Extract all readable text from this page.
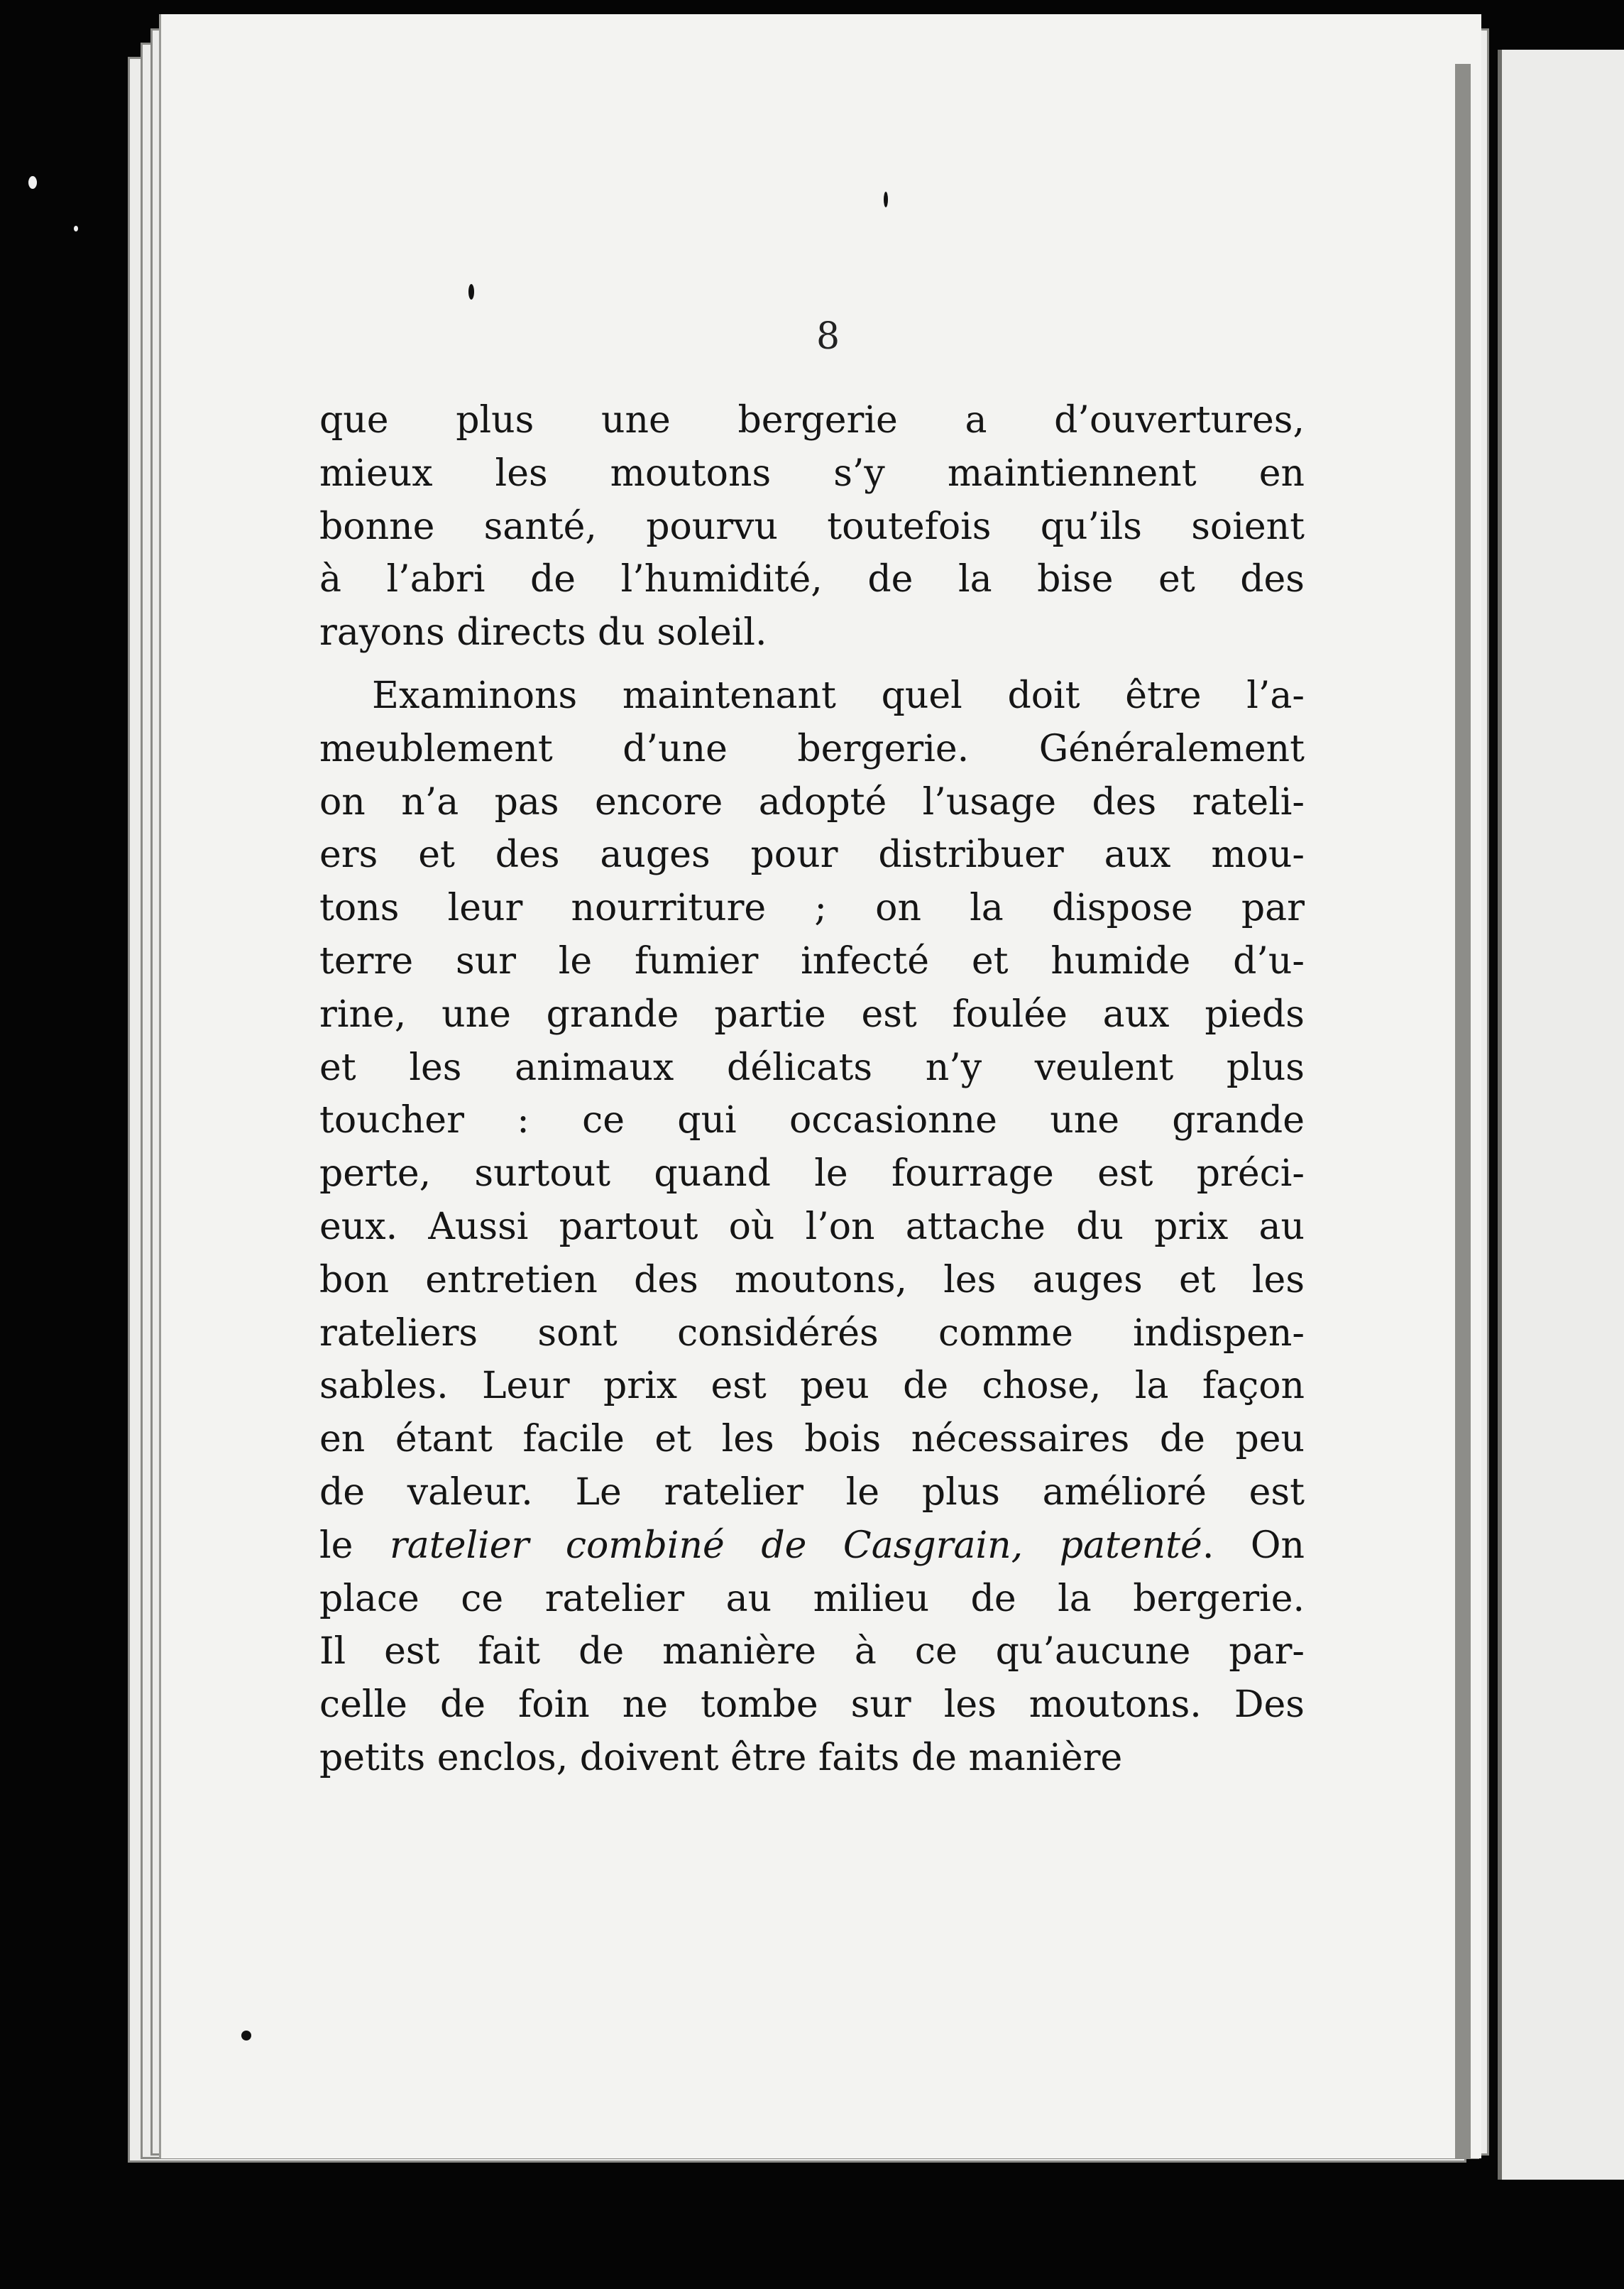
8

que plus une bergerie a d’ouvertures,
mieux les moutons s’y maintiennent en
bonne santé, pourvu toutefois qu’ils soient
à l’abri de l’humidité, de la bise et des
rayons directs du soleil.

Examinons maintenant quel doit être l’a-
meublement d’une bergerie. Généralement
on n’a pas encore adopté l’usage des rateli-
ers et des auges pour distribuer aux mou-
tons leur nourriture ; on la dispose par
terre sur le fumier infecté et humide d’u-
rine, une grande partie est foulée aux pieds
et les animaux délicats n’y veulent plus
toucher : ce qui occasionne une grande
perte, surtout quand le fourrage est préci-
eux. Aussi partout où l’on attache du prix au
bon entretien des moutons, les auges et les
rateliers sont considérés comme indispen-
sables. Leur prix est peu de chose, la façon
en étant facile et les bois nécessaires de peu
de valeur. Le ratelier le plus amélioré est
le ratelier combiné de Casgrain, patenté. On
place ce ratelier au milieu de la bergerie.
Il est fait de manière à ce qu’aucune par-
celle de foin ne tombe sur les moutons. Des
petits enclos, doivent être faits de manière
